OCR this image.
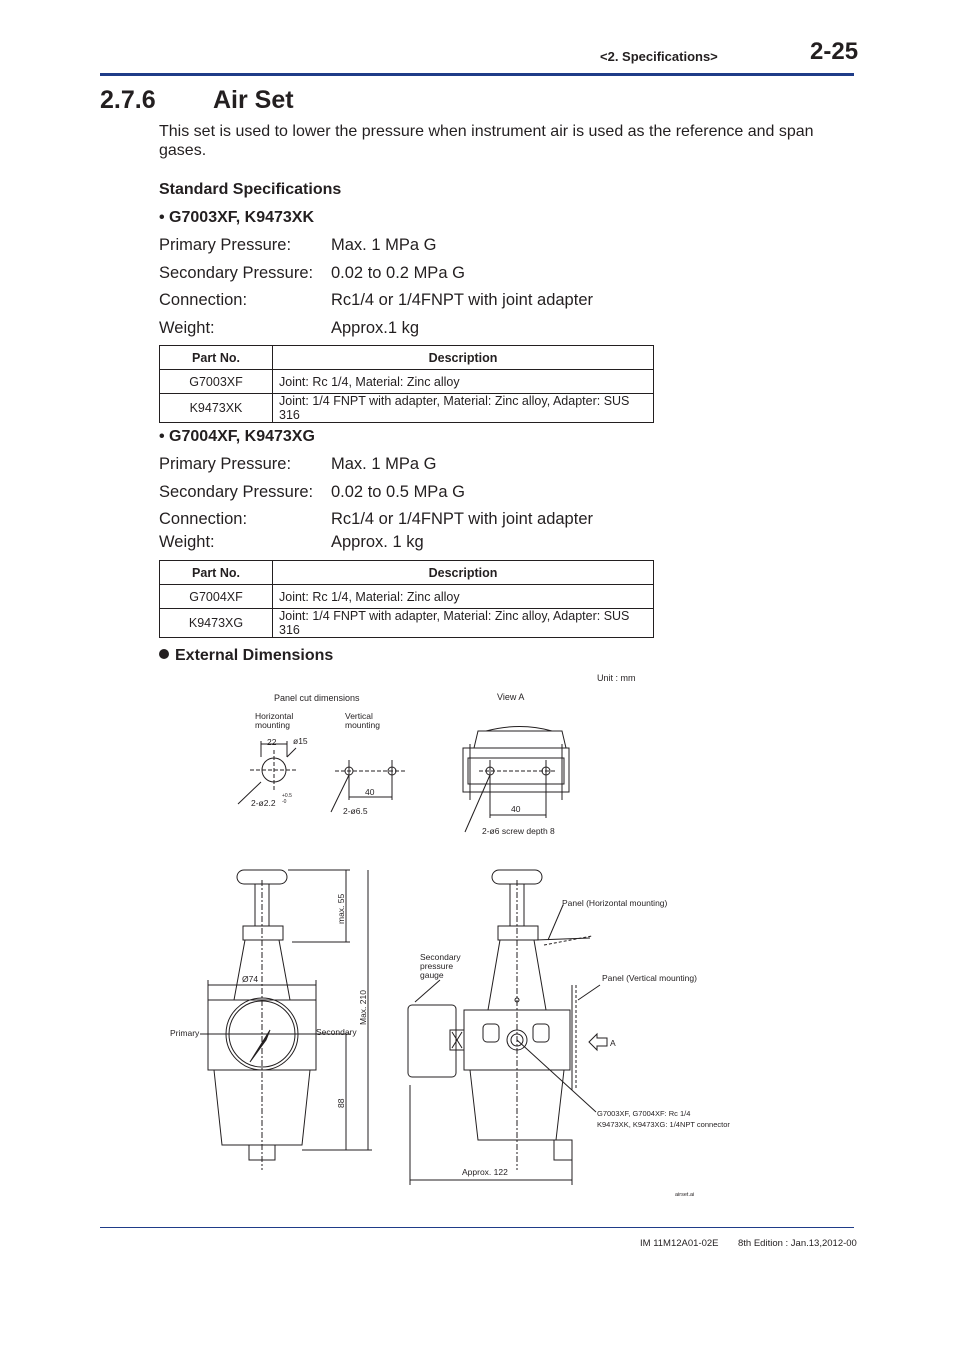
<2. Specifications>	2-25
2.7.6 Air Set
This set is used to lower the pressure when instrument air is used as the reference and span gases.
Standard Specifications
• G7003XF, K9473XK
Primary Pressure: Max. 1 MPa G
Secondary Pressure: 0.02 to 0.2 MPa G
Connection:	Rc1/4 or 1/4FNPT with joint adapter
Weight:	Approx.1 kg
Part No.	Description
G7003XF	Joint: Rc 1/4, Material: Zinc alloy
K9473XK	Joint: 1/4 FNPT with adapter, Material: Zinc alloy, Adapter: SUS 316
• G7004XF, K9473XG
Primary Pressure: Max. 1 MPa G
Secondary Pressure: 0.02 to 0.5 MPa G
Connection:	Rc1/4 or 1/4FNPT with joint adapter
Weight:	Approx. 1 kg
Part No.	Description
G7004XF	Joint: Rc 1/4, Material: Zinc alloy
K9473XG	Joint: 1/4 FNPT with adapter, Material: Zinc alloy, Adapter: SUS 316
External Dimensions
Unit : mm
Panel cut dimensions
Horizontal
mounting
Vertical
mounting
22 ø15
2-ø2.2
+0.5
-0
40
2-ø6.5
View A
40
2-ø6 screw depth 8
Ø74
Primary	Secondary
max. 55
Max. 210
88
Secondary
pressure
gauge
Panel (Horizontal mounting)
Panel (Vertical mounting)
A
G7003XF, G7004XF: Rc 1/4
K9473XK, K9473XG: 1/4NPT connector
Approx. 122
airset.ai
IM 11M12A01-02E 8th Edition : Jan.13,2012-00
